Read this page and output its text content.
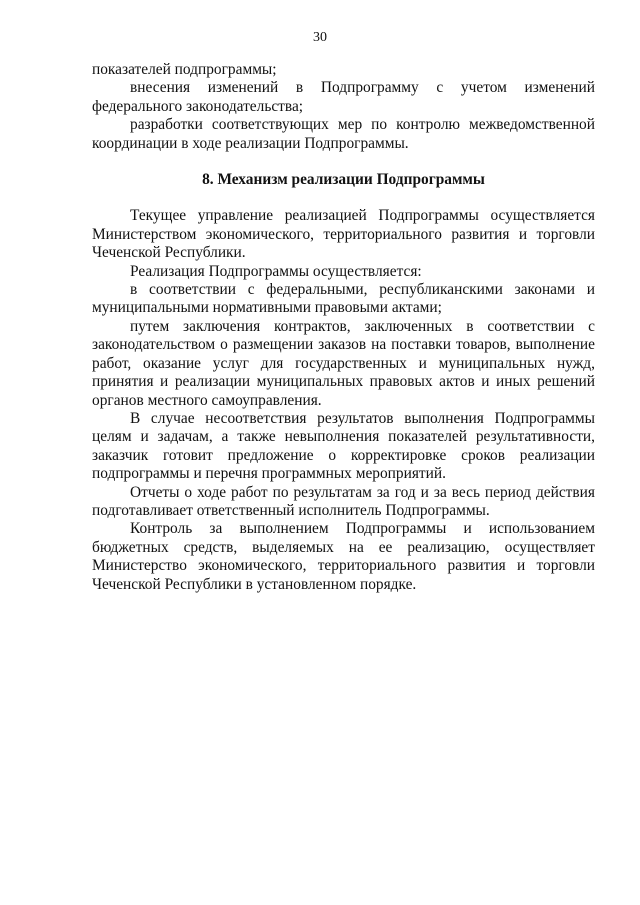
30

показателей подпрограммы;

внесения изменений в Подпрограмму с учетом изменений федерального законодательства;

разработки соответствующих мер по контролю межведомственной координации в ходе реализации Подпрограммы.

8. Механизм реализации Подпрограммы

Текущее управление реализацией Подпрограммы осуществляется Министерством экономического, территориального развития и торговли Чеченской Республики.

Реализация Подпрограммы осуществляется:

в соответствии с федеральными, республиканскими законами и муниципальными нормативными правовыми актами;

путем заключения контрактов, заключенных в соответствии с законодательством о размещении заказов на поставки товаров, выполнение работ, оказание услуг для государственных и муниципальных нужд, принятия и реализации муниципальных правовых актов и иных решений органов местного самоуправления.

В случае несоответствия результатов выполнения Подпрограммы целям и задачам, а также невыполнения показателей результативности, заказчик готовит предложение о корректировке сроков реализации подпрограммы и перечня программных мероприятий.

Отчеты о ходе работ по результатам за год и за весь период действия подготавливает ответственный исполнитель Подпрограммы.

Контроль за выполнением Подпрограммы и использованием бюджетных средств, выделяемых на ее реализацию, осуществляет Министерство экономического, территориального развития и торговли Чеченской Республики в установленном порядке.
